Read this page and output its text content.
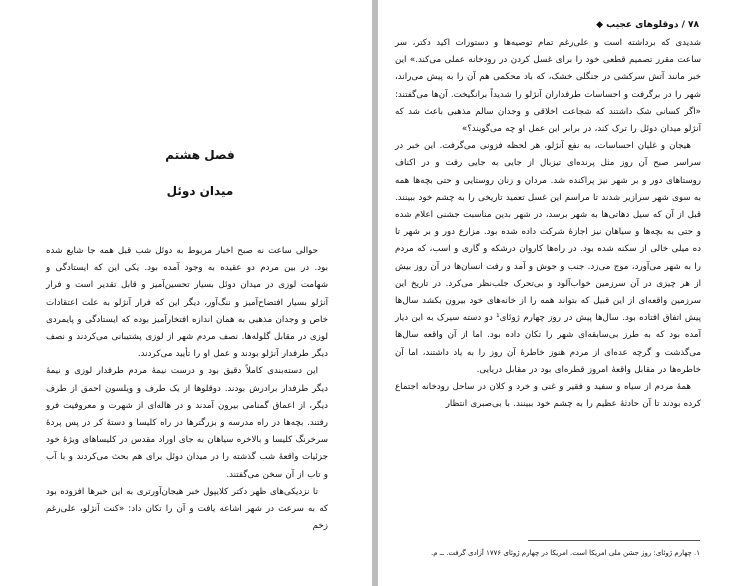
فصل هشتم
میدان دوئل

حوالی ساعت نه صبح اخبار مربوط به دوئل شب قبل همه جا شایع شده بود. در بین مردم دو عقیده به وجود آمده بود. یکی این که ایستادگی و شهامت لوزی در میدان دوئل بسیار تحسین‌آمیز و قابل تقدیر است و فرار آنژلو بسیار افتضاح‌آمیز و ننگ‌آور، دیگر این که فرار آنژلو به علت اعتقادات خاص و وجدان مذهبی به همان اندازه افتخارآمیز بوده که ایستادگی و پایمردی لوزی در مقابل گلوله‌ها. نصف مردم شهر از لوزی پشتیبانی می‌کردند و نصف دیگر طرفدار آنژلو بودند و عمل او را تأیید می‌کردند.

این دسته‌بندی کاملاً دقیق بود و درست نیمهٔ مردم طرفدار لوزی و نیمهٔ دیگر طرفدار برادرش بودند. دوقلوها از یک طرف و ویلسون احمق از طرف دیگر، از اعماق گمنامی بیرون آمدند و در هاله‌ای از شهرت و معروفیت فرو رفتند. بچه‌ها در راه مدرسه و بزرگترها در راه کلیسا و دستهٔ کر در پس پردهٔ سرخرنگ کلیسا و بالاخره سیاهان به جای اوراد مقدس در کلیساهای ویژهٔ خود جزئیات واقعهٔ شب گذشته را در میدان دوئل برای هم بحث می‌کردند و با آب و تاب از آن سخن می‌گفتند.

تا نزدیکی‌های ظهر دکتر کلایپول خبر هیجان‌آورتری به این خبرها افزوده بود که به سرعت در شهر اشاعه یافت و آن را تکان داد: «کنت آنژلو، علی‌رغم زخم

۷۸ / دوقلوهای عجیب ◆

شدیدی که برداشته است و علی‌رغم تمام توصیه‌ها و دستورات اکید دکتر، سر ساعت مقرر تصمیم قطعی خود را برای غسل کردن در رودخانه عملی می‌کند.» این خبر مانند آتش سرکشی در جنگلی خشک، که باد محکمی هم آن را به پیش می‌راند، شهر را در برگرفت و احساسات طرفداران آنژلو را شدیداً برانگیخت. آن‌ها می‌گفتند: «اگر کسانی شک داشتند که شجاعت اخلاقی و وجدان سالم مذهبی باعث شد که آنژلو میدان دوئل را ترک کند، در برابر این عمل او چه می‌گویند؟»

هیجان و غلیان احساسات، به نفع آنژلو، هر لحظه فزونی می‌گرفت. این خبر در سراسر صبح آن روز مثل پرنده‌ای تیزبال از جایی به جایی رفت و در اکناف روستاهای دور و بر شهر نیز پراکنده شد. مردان و زنان روستایی و حتی بچه‌ها همه به سوی شهر سرازیر شدند تا مراسم این غسل تعمید تاریخی را به چشم خود ببینند. قبل از آن که سیل دهاتی‌ها به شهر برسد، در شهر بدین مناسبت جشنی اعلام شده و حتی به بچه‌ها و سیاهان نیز اجازهٔ شرکت داده شده بود. مزارع دور و بر شهر تا ده میلی خالی از سکنه شده بود. در راه‌ها کاروان درشکه و گاری و اسب، که مردم را به شهر می‌آورد، موج می‌زد. جنب و جوش و آمد و رفت انسان‌ها در آن روز بیش از هر چیزی در آن سرزمین خواب‌آلود و بی‌تحرک جلب‌نظر می‌کرد. در تاریخ این سرزمین واقعه‌ای از این قبیل که بتواند همه را از خانه‌های خود بیرون بکشد سال‌ها پیش اتفاق افتاده بود. سال‌ها پیش در روز چهارم ژوئای¹ دو دسته سیرک به این دیار آمده بود که به طرز بی‌سابقه‌ای شهر را تکان داده بود. اما از آن واقعه سال‌ها می‌گذشت و گرچه عده‌ای از مردم هنوز خاطرهٔ آن روز را به یاد داشتند، اما آن خاطره‌ها در مقابل واقعهٔ امروز قطره‌ای بود در مقابل دریایی.

همهٔ مردم از سیاه و سفید و فقیر و غنی و خرد و کلان در ساحل رودخانه اجتماع کرده بودند تا آن حادثهٔ عظیم را به چشم خود ببینند. با بی‌صبری انتظار

۱. چهارم ژوئای: روز جشن ملی امریکا است. امریکا در چهارم ژوئای ۱۷۷۶ آزادی گرفت. ــ م.
